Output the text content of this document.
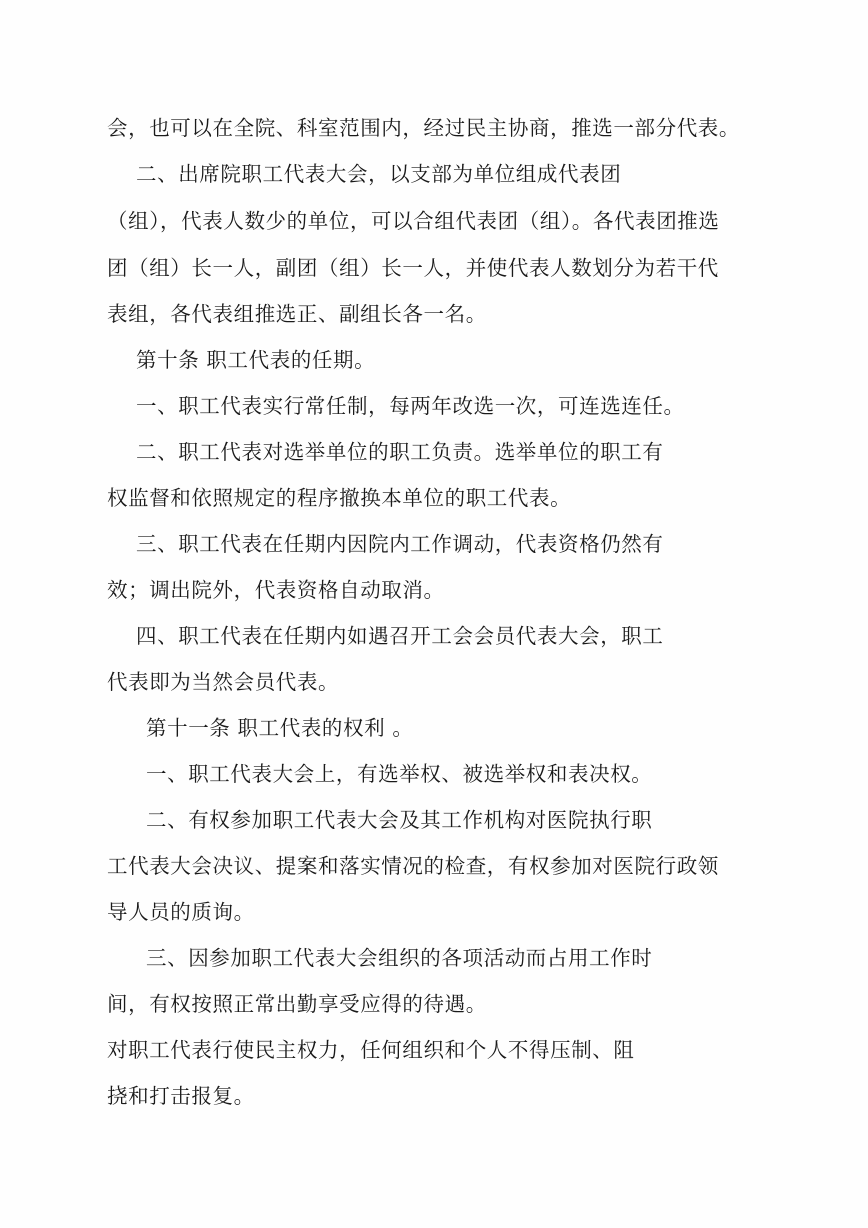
会，也可以在全院、科室范围内，经过民主协商，推选一部分代表。

二、出席院职工代表大会，以支部为单位组成代表团

（组），代表人数少的单位，可以合组代表团（组）。各代表团推选

团（组）长一人，副团（组）长一人，并使代表人数划分为若干代

表组，各代表组推选正、副组长各一名。

第十条 职工代表的任期。

一、职工代表实行常任制，每两年改选一次，可连选连任。

二、职工代表对选举单位的职工负责。选举单位的职工有

权监督和依照规定的程序撤换本单位的职工代表。

三、职工代表在任期内因院内工作调动，代表资格仍然有

效；调出院外，代表资格自动取消。

四、职工代表在任期内如遇召开工会会员代表大会，职工

代表即为当然会员代表。

第十一条 职工代表的权利 。

一、职工代表大会上，有选举权、被选举权和表决权。

二、有权参加职工代表大会及其工作机构对医院执行职

工代表大会决议、提案和落实情况的检查，有权参加对医院行政领

导人员的质询。

三、因参加职工代表大会组织的各项活动而占用工作时

间，有权按照正常出勤享受应得的待遇。

对职工代表行使民主权力，任何组织和个人不得压制、阻

挠和打击报复。
